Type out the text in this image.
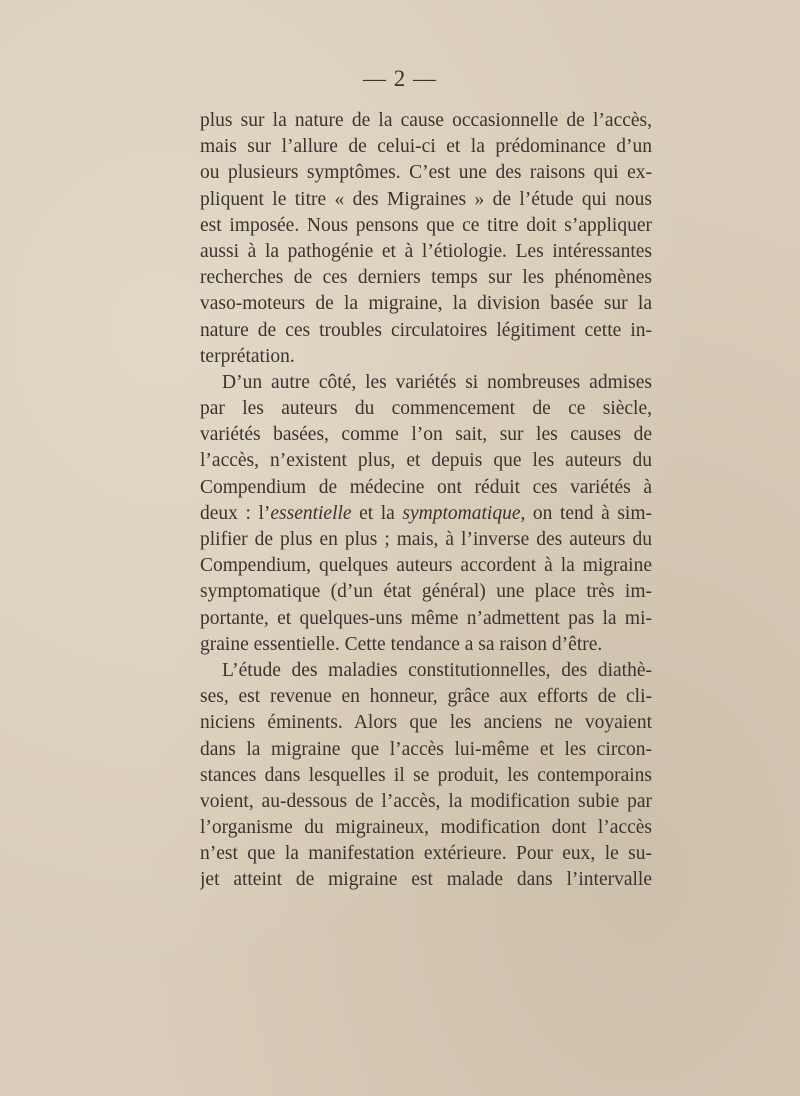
— 2 —
plus sur la nature de la cause occasionnelle de l’accès,
mais sur l’allure de celui-ci et la prédominance d’un
ou plusieurs symptômes. C’est une des raisons qui ex-
pliquent le titre « des Migraines » de l’étude qui nous
est imposée. Nous pensons que ce titre doit s’appliquer
aussi à la pathogénie et à l’étiologie. Les intéressantes
recherches de ces derniers temps sur les phénomènes
vaso-moteurs de la migraine, la division basée sur la
nature de ces troubles circulatoires légitiment cette in-
terprétation.
D’un autre côté, les variétés si nombreuses admises
par les auteurs du commencement de ce siècle,
variétés basées, comme l’on sait, sur les causes de
l’accès, n’existent plus, et depuis que les auteurs du
Compendium de médecine ont réduit ces variétés à
deux : l’essentielle et la symptomatique, on tend à sim-
plifier de plus en plus ; mais, à l’inverse des auteurs du
Compendium, quelques auteurs accordent à la migraine
symptomatique (d’un état général) une place très im-
portante, et quelques-uns même n’admettent pas la mi-
graine essentielle. Cette tendance a sa raison d’être.
L’étude des maladies constitutionnelles, des diathè-
ses, est revenue en honneur, grâce aux efforts de cli-
niciens éminents. Alors que les anciens ne voyaient
dans la migraine que l’accès lui-même et les circon-
stances dans lesquelles il se produit, les contemporains
voient, au-dessous de l’accès, la modification subie par
l’organisme du migraineux, modification dont l’accès
n’est que la manifestation extérieure. Pour eux, le su-
jet atteint de migraine est malade dans l’intervalle
